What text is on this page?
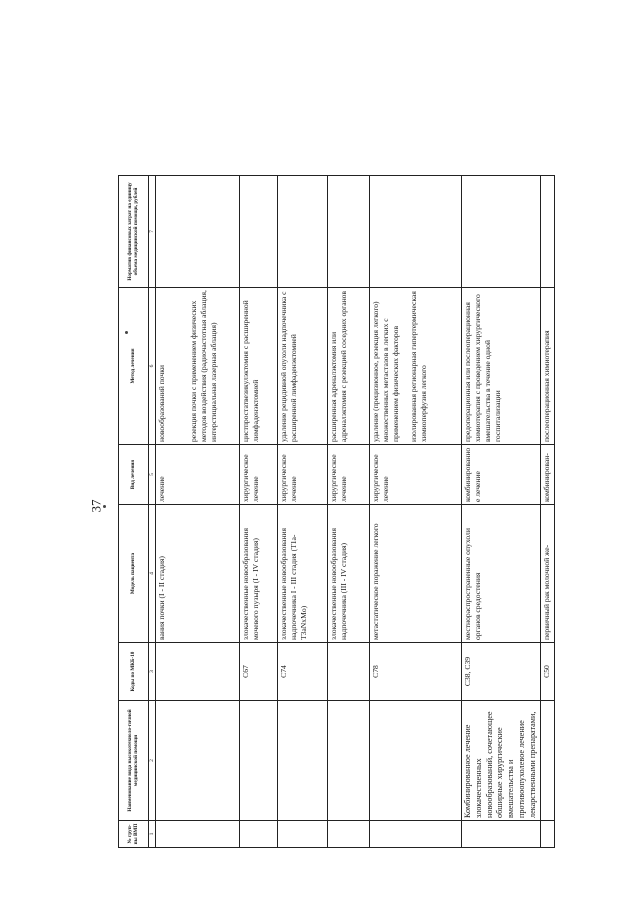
37
№ груп-пы ВМП	Наименование вида высокотехноло-гичной медицинской помощи	Коды по МКБ-10	Модель пациента	Вид лечения	Метод лечения	Норматив финансовых затрат на единицу объема медицинской помощи, рублей
1	2	3	4	5	6	7
			вания почки (I - II стадия)	лечение	новообразований почки резекция почки с применением физических методов воздействия (радиочастотная аблация, интерстициальная лазерная аблация)	

		C67	злокачественные новообразования мочевого пузыря (I - IV стадия)	хирургическое лечение	цистпростатвезикулэктомия с расширенной лимфаденэктомией	

		C74	злокачественные новообразования надпочечника I - III стадия (T1a-T3aNxMo)	хирургическое лечение	удаление рецидивной опухоли надпочечника с расширенной лимфаденэктомией	

			злокачественные новообразования надпочечника (III - IV стадия)	хирургическое лечение	расширенная адреналэктомия или адреналэктомия с резекцией соседних органов	

		C78	метастатическое поражение легкого	хирургическое лечение	удаление (прецизионное, резекция легкого) множественных метастазов в легких с применением физических факторов изолированная регионарная гипертермическая химиоперфузия легкого	

	Комбинированное лечение злокачественных новообразований, сочетающее обширные хирургические вмешательства и противоопухолевое лечение лекарственными препаратами,	C38, C39	местнораспространенные опухоли органов средостения	комбинированное лечение	предоперационная или послеоперационная химиотерапия с проведением хирургического вмешательства в течение одной госпитализации	

		C50	первичный рак молочной же-	комбинирован-	послеоперационная химиотерапия	
